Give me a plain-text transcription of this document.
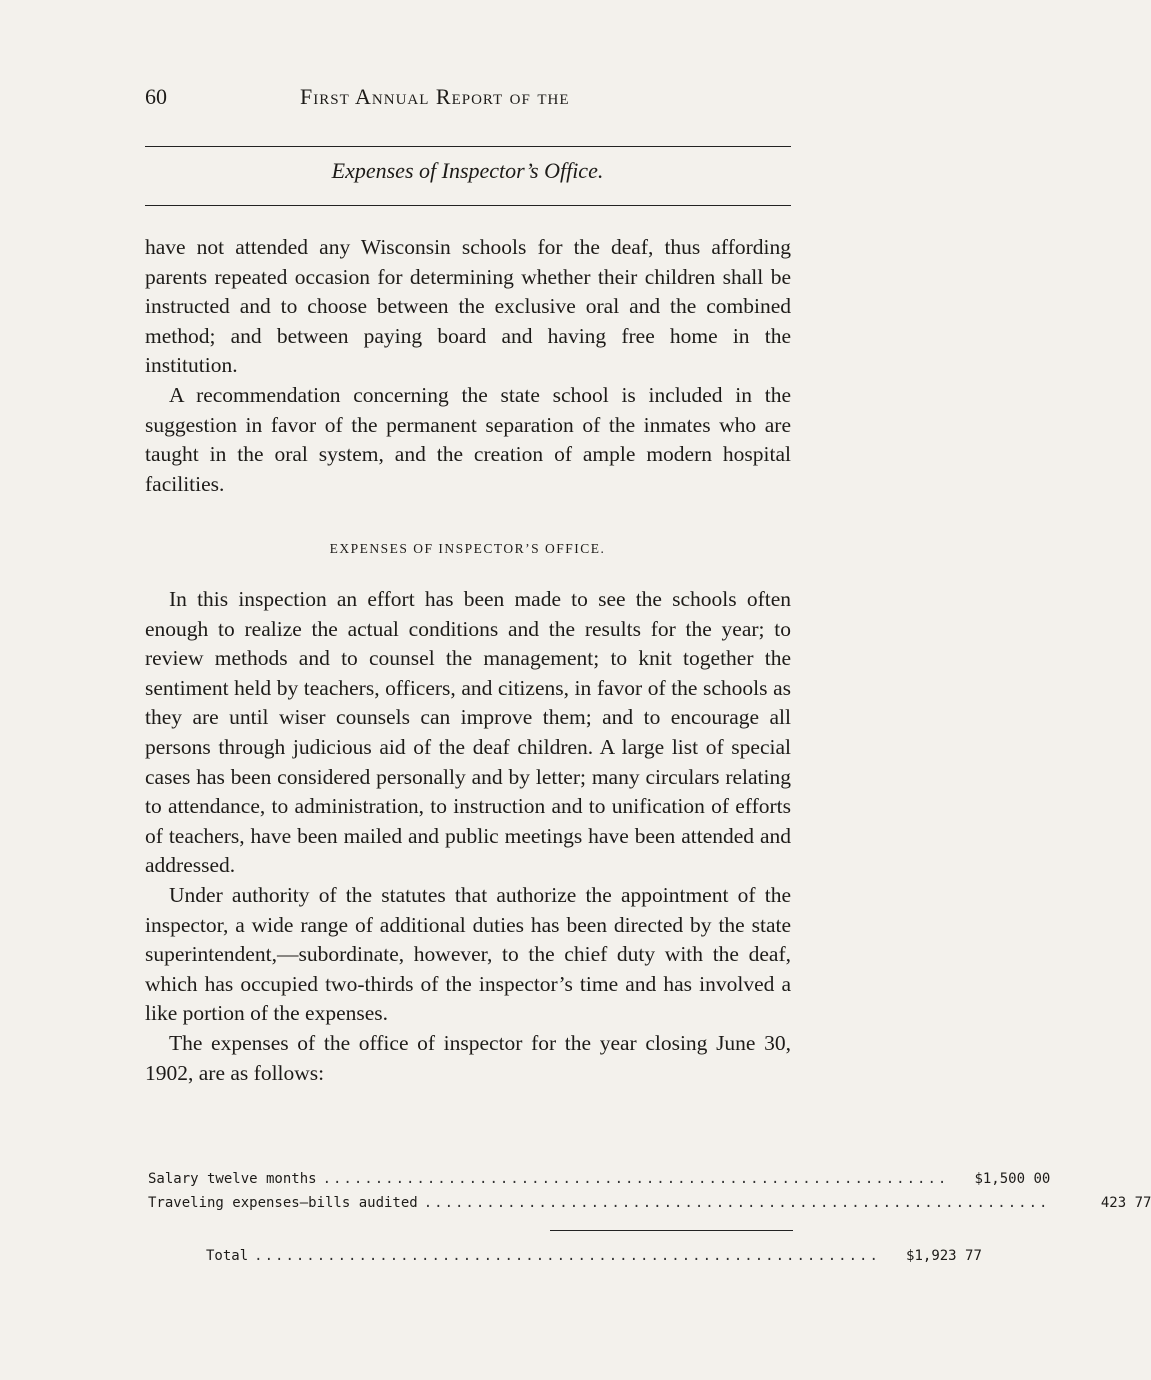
60	First Annual Report of the
Expenses of Inspector’s Office.

have not attended any Wisconsin schools for the deaf, thus affording parents repeated occasion for determining whether their children shall be instructed and to choose between the exclusive oral and the combined method; and between paying board and having free home in the institution.

A recommendation concerning the state school is included in the suggestion in favor of the permanent separation of the inmates who are taught in the oral system, and the creation of ample modern hospital facilities.

EXPENSES OF INSPECTOR’S OFFICE.

In this inspection an effort has been made to see the schools often enough to realize the actual conditions and the results for the year; to review methods and to counsel the management; to knit together the sentiment held by teachers, officers, and citizens, in favor of the schools as they are until wiser counsels can improve them; and to encourage all persons through judicious aid of the deaf children. A large list of special cases has been considered personally and by letter; many circulars relating to attendance, to administration, to instruction and to unification of efforts of teachers, have been mailed and public meetings have been attended and addressed.

Under authority of the statutes that authorize the appointment of the inspector, a wide range of additional duties has been directed by the state superintendent,—subordinate, however, to the chief duty with the deaf, which has occupied two-thirds of the inspector’s time and has involved a like portion of the expenses.

The expenses of the office of inspector for the year closing June 30, 1902, are as follows:

Salary twelve months ............................................................	$1,500 00
Traveling expenses—bills audited ............................................................	423 77
Total ............................................................	$1,923 77
